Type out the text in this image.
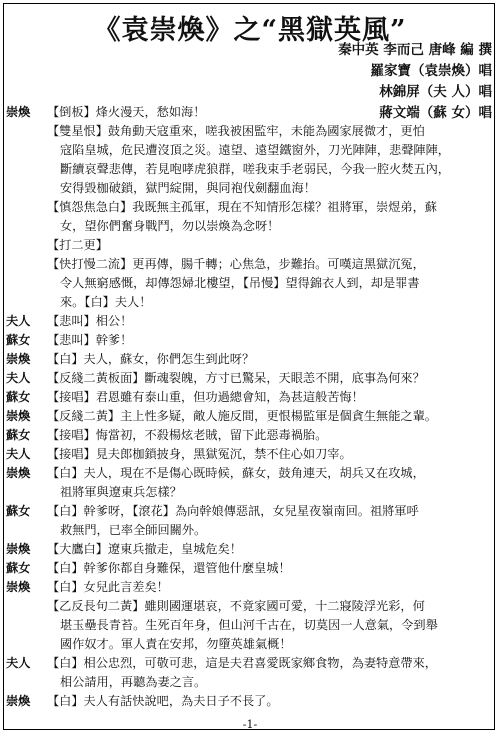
《袁崇煥》之“黑獄英風”
秦中英 李而己 唐峰 編 撰
羅家寶（袁崇煥）唱
林錦屏（夫 人）唱
蔣文端（蘇 女）唱
崇煥	【倒板】烽火漫天，愁如海！
【雙星恨】鼓角動天寇重來，嗟我被困監牢，未能為國家展微才，更怕
寇陷皇城，危民遭沒頂之災。遠望、遠望鐵窗外，刀光陣陣，悲聲陣陣，
斷續哀聲悲傳，若見咆哮虎狼群，嗟我束手老弱民，今我一腔火焚五內，
安得毀枷破鎖，獄門綻開，與同袍伐劍翻血海！
【慎怨焦急白】我既無主孤軍，現在不知情形怎樣？祖將軍，崇煜弟，蘇
女，望你們奮身戰鬥，勿以崇煥為念呀！
【打二更】
【快打慢二流】更再傳，腸千轉；心焦急，步難抬。可嘆這黑獄沉冤，
令人無窮感慨，却傳怨婦北樓望，【吊慢】望得錦衣人到，却是罪書
來。【白】夫人！
夫人	【悲叫】相公！
蘇女	【悲叫】幹爹！
崇煥	【白】夫人，蘇女，你們怎生到此呀？
夫人	【反綫二黃板面】斷魂裂魄，方寸已驚呆，天眼恙不開，底事為何來？
蘇女	【接唱】君恩雖有泰山重，但功過總會知，為甚這般苦悔！
崇煥	【反綫二黃】主上性多疑，敵人施反間，更恨楊監軍是個貪生無能之輩。
蘇女	【接唱】悔當初，不殺楊炫老賊，留下此惡毒禍胎。
夫人	【接唱】見夫郎枷鎖披身，黑獄冤沉，禁不住心如刀宰。
崇煥	【白】夫人，現在不是傷心既時候，蘇女，鼓角連天，胡兵又在攻城，
祖將軍與遼東兵怎樣？
蘇女	【白】幹爹呀，【滾花】為向幹娘傳惡訊，女兒星夜嶺南回。祖將軍呼
救無門，已率全師回關外。
崇煥	【大鷹白】遼東兵撤走，皇城危矣！
蘇女	【白】幹爹你都自身難保，還管他什麼皇城！
崇煥	【白】女兒此言差矣！
【乙反長句二黃】雖則國運堪哀，不竟家國可愛，十二寢陵浮光彩，何
堪玉壘長青苔。生死百年身，但山河千古在，切莫因一人意氣，令到舉
國作奴才。軍人責在安邦，勿墮英雄氣概！
夫人	【白】相公忠烈，可敬可悲，這是夫君喜愛既家鄉食物，為妻特意帶來，
相公請用，再聽為妻之言。
崇煥	【白】夫人有話快說吧，為夫日子不長了。
-1-
